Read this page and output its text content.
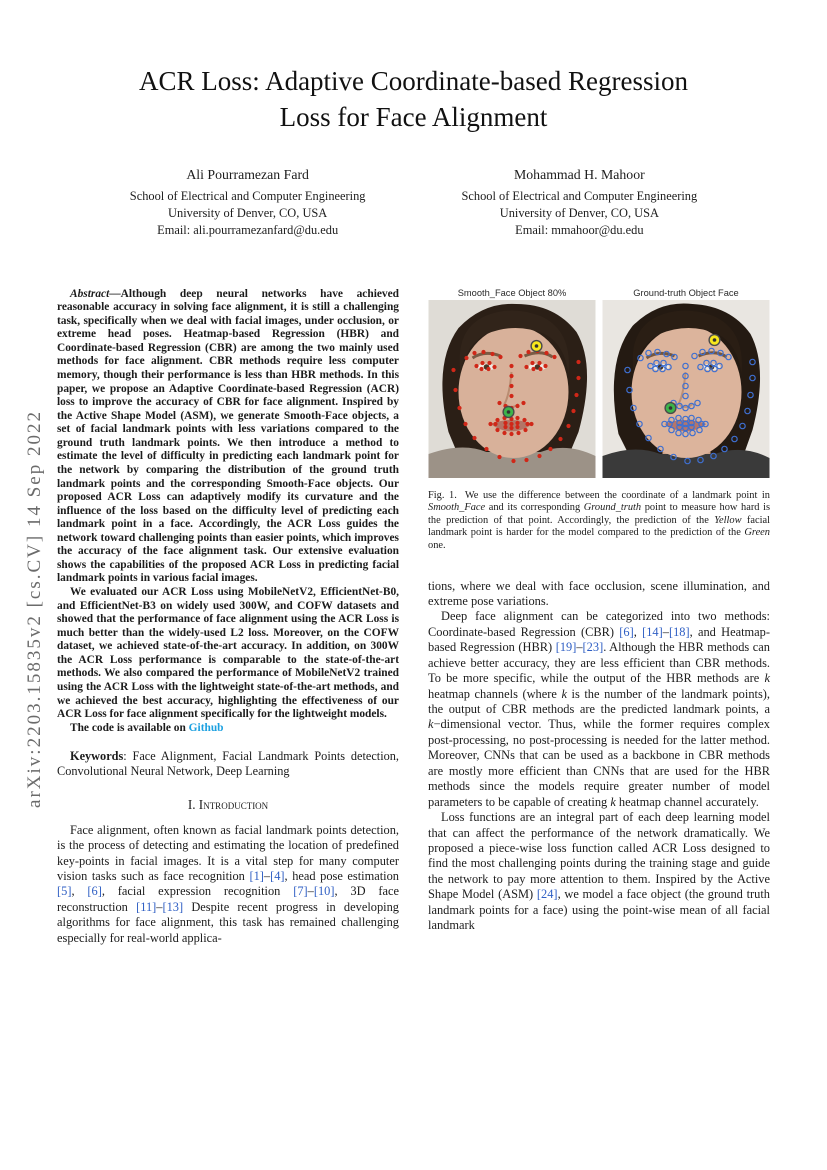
arXiv:2203.15835v2 [cs.CV] 14 Sep 2022
ACR Loss: Adaptive Coordinate-based Regression
Loss for Face Alignment
Ali Pourramezan Fard
School of Electrical and Computer Engineering
University of Denver, CO, USA
Email: ali.pourramezanfard@du.edu
Mohammad H. Mahoor
School of Electrical and Computer Engineering
University of Denver, CO, USA
Email: mmahoor@du.edu

Abstract—Although deep neural networks have achieved reasonable accuracy in solving face alignment, it is still a challenging task, specifically when we deal with facial images, under occlusion, or extreme head poses. Heatmap-based Regression (HBR) and Coordinate-based Regression (CBR) are among the two mainly used methods for face alignment. CBR methods require less computer memory, though their performance is less than HBR methods. In this paper, we propose an Adaptive Coordinate-based Regression (ACR) loss to improve the accuracy of CBR for face alignment. Inspired by the Active Shape Model (ASM), we generate Smooth-Face objects, a set of facial landmark points with less variations compared to the ground truth landmark points. We then introduce a method to estimate the level of difficulty in predicting each landmark point for the network by comparing the distribution of the ground truth landmark points and the corresponding Smooth-Face objects. Our proposed ACR Loss can adaptively modify its curvature and the influence of the loss based on the difficulty level of predicting each landmark point in a face. Accordingly, the ACR Loss guides the network toward challenging points than easier points, which improves the accuracy of the face alignment task. Our extensive evaluation shows the capabilities of the proposed ACR Loss in predicting facial landmark points in various facial images.

We evaluated our ACR Loss using MobileNetV2, EfficientNet-B0, and EfficientNet-B3 on widely used 300W, and COFW datasets and showed that the performance of face alignment using the ACR Loss is much better than the widely-used L2 loss. Moreover, on the COFW dataset, we achieved state-of-the-art accuracy. In addition, on 300W the ACR Loss performance is comparable to the state-of-the-art methods. We also compared the performance of MobileNetV2 trained using the ACR Loss with the lightweight state-of-the-art methods, and we achieved the best accuracy, highlighting the effectiveness of our ACR Loss for face alignment specifically for the lightweight models.

The code is available on Github

Keywords: Face Alignment, Facial Landmark Points detection, Convolutional Neural Network, Deep Learning

I. Introduction

Face alignment, often known as facial landmark points detection, is the process of detecting and estimating the location of predefined key-points in facial images. It is a vital step for many computer vision tasks such as face recognition [1]–[4], head pose estimation [5], [6], facial expression recognition [7]–[10], 3D face reconstruction [11]–[13] Despite recent progress in developing algorithms for face alignment, this task has remained challenging especially for real-world applica-

Smooth_Face Object 80%	Ground-truth Object Face
Fig. 1. We use the difference between the coordinate of a landmark point in Smooth_Face and its corresponding Ground_truth point to measure how hard is the prediction of that point. Accordingly, the prediction of the Yellow facial landmark point is harder for the model compared to the prediction of the Green one.

tions, where we deal with face occlusion, scene illumination, and extreme pose variations.

Deep face alignment can be categorized into two methods: Coordinate-based Regression (CBR) [6], [14]–[18], and Heatmap-based Regression (HBR) [19]–[23]. Although the HBR methods can achieve better accuracy, they are less efficient than CBR methods. To be more specific, while the output of the HBR methods are k heatmap channels (where k is the number of the landmark points), the output of CBR methods are the predicted landmark points, a k−dimensional vector. Thus, while the former requires complex post-processing, no post-processing is needed for the latter method. Moreover, CNNs that can be used as a backbone in CBR methods are mostly more efficient than CNNs that are used for the HBR methods since the models require greater number of model parameters to be capable of creating k heatmap channel accurately.

Loss functions are an integral part of each deep learning model that can affect the performance of the network dramatically. We proposed a piece-wise loss function called ACR Loss designed to find the most challenging points during the training stage and guide the network to pay more attention to them. Inspired by the Active Shape Model (ASM) [24], we model a face object (the ground truth landmark points for a face) using the point-wise mean of all facial landmark
